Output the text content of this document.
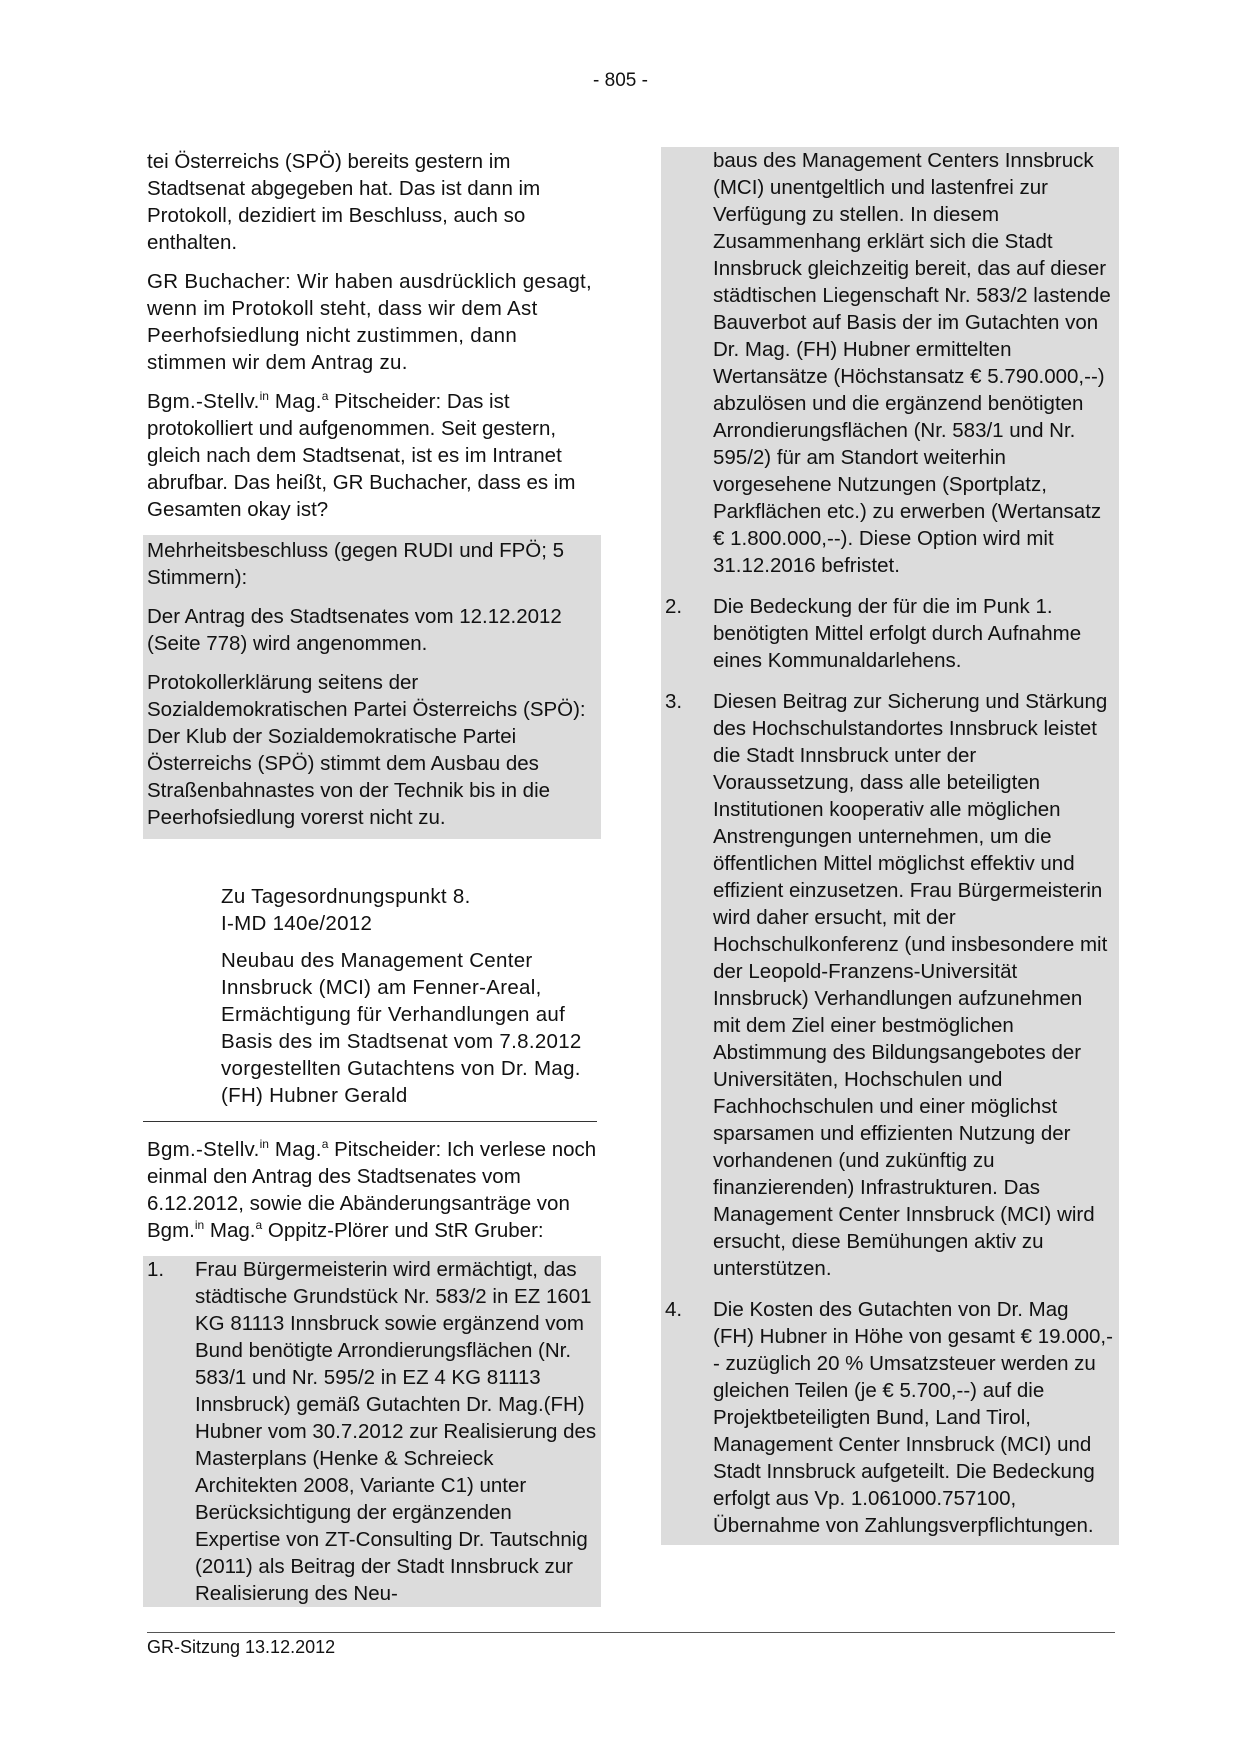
- 805 -

tei Österreichs (SPÖ) bereits gestern im Stadtsenat abgegeben hat. Das ist dann im Protokoll, dezidiert im Beschluss, auch so enthalten.

GR Buchacher: Wir haben ausdrücklich gesagt, wenn im Protokoll steht, dass wir dem Ast Peerhofsiedlung nicht zustimmen, dann stimmen wir dem Antrag zu.

Bgm.-Stellv.$^{in}$ Mag.$^a$ Pitscheider: Das ist protokolliert und aufgenommen. Seit gestern, gleich nach dem Stadtsenat, ist es im Intranet abrufbar. Das heißt, GR Buchacher, dass es im Gesamten okay ist?

Mehrheitsbeschluss (gegen RUDI und FPÖ; 5 Stimmern):

Der Antrag des Stadtsenates vom 12.12.2012 (Seite 778) wird angenommen.

Protokollerklärung seitens der Sozialdemokratischen Partei Österreichs (SPÖ): Der Klub der Sozialdemokratische Partei Österreichs (SPÖ) stimmt dem Ausbau des Straßenbahnastes von der Technik bis in die Peerhofsiedlung vorerst nicht zu.

Zu Tagesordnungspunkt 8.

I-MD 140e/2012

Neubau des Management Center Innsbruck (MCI) am Fenner-Areal, Ermächtigung für Verhandlungen auf Basis des im Stadtsenat vom 7.8.2012 vorgestellten Gutachtens von Dr. Mag. (FH) Hubner Gerald

Bgm.-Stellv.$^{in}$ Mag.$^a$ Pitscheider: Ich verlese noch einmal den Antrag des Stadtsenates vom 6.12.2012, sowie die Abänderungsanträge von Bgm.$^{in}$ Mag.$^a$ Oppitz-Plörer und StR Gruber:

1.	Frau Bürgermeisterin wird ermächtigt, das städtische Grundstück Nr. 583/2 in EZ 1601 KG 81113 Innsbruck sowie ergänzend vom Bund benötigte Arrondierungsflächen (Nr. 583/1 und Nr. 595/2 in EZ 4 KG 81113 Innsbruck) gemäß Gutachten Dr. Mag.(FH) Hubner vom 30.7.2012 zur Realisierung des Masterplans (Henke & Schreieck Architekten 2008, Variante C1) unter Berücksichtigung der ergänzenden Expertise von ZT-Consulting Dr. Tautschnig (2011) als Beitrag der Stadt Innsbruck zur Realisierung des Neu-
baus des Management Centers Innsbruck (MCI) unentgeltlich und lastenfrei zur Verfügung zu stellen. In diesem Zusammenhang erklärt sich die Stadt Innsbruck gleichzeitig bereit, das auf dieser städtischen Liegenschaft Nr. 583/2 lastende Bauverbot auf Basis der im Gutachten von Dr. Mag. (FH) Hubner ermittelten Wertansätze (Höchstansatz € 5.790.000,--) abzulösen und die ergänzend benötigten Arrondierungsflächen (Nr. 583/1 und Nr. 595/2) für am Standort weiterhin vorgesehene Nutzungen (Sportplatz, Parkflächen etc.) zu erwerben (Wertansatz € 1.800.000,--). Diese Option wird mit 31.12.2016 befristet.
2.	Die Bedeckung der für die im Punk 1. benötigten Mittel erfolgt durch Aufnahme eines Kommunaldarlehens.
3.	Diesen Beitrag zur Sicherung und Stärkung des Hochschulstandortes Innsbruck leistet die Stadt Innsbruck unter der Voraussetzung, dass alle beteiligten Institutionen kooperativ alle möglichen Anstrengungen unternehmen, um die öffentlichen Mittel möglichst effektiv und effizient einzusetzen. Frau Bürgermeisterin wird daher ersucht, mit der Hochschulkonferenz (und insbesondere mit der Leopold-Franzens-Universität Innsbruck) Verhandlungen aufzunehmen mit dem Ziel einer bestmöglichen Abstimmung des Bildungsangebotes der Universitäten, Hochschulen und Fachhochschulen und einer möglichst sparsamen und effizienten Nutzung der vorhandenen (und zukünftig zu finanzierenden) Infrastrukturen. Das Management Center Innsbruck (MCI) wird ersucht, diese Bemühungen aktiv zu unterstützen.
4.	Die Kosten des Gutachten von Dr. Mag (FH) Hubner in Höhe von gesamt € 19.000,-- zuzüglich 20 % Umsatzsteuer werden zu gleichen Teilen (je € 5.700,--) auf die Projektbeteiligten Bund, Land Tirol, Management Center Innsbruck (MCI) und Stadt Innsbruck aufgeteilt. Die Bedeckung erfolgt aus Vp. 1.061000.757100, Übernahme von Zahlungsverpflichtungen.
GR-Sitzung 13.12.2012
